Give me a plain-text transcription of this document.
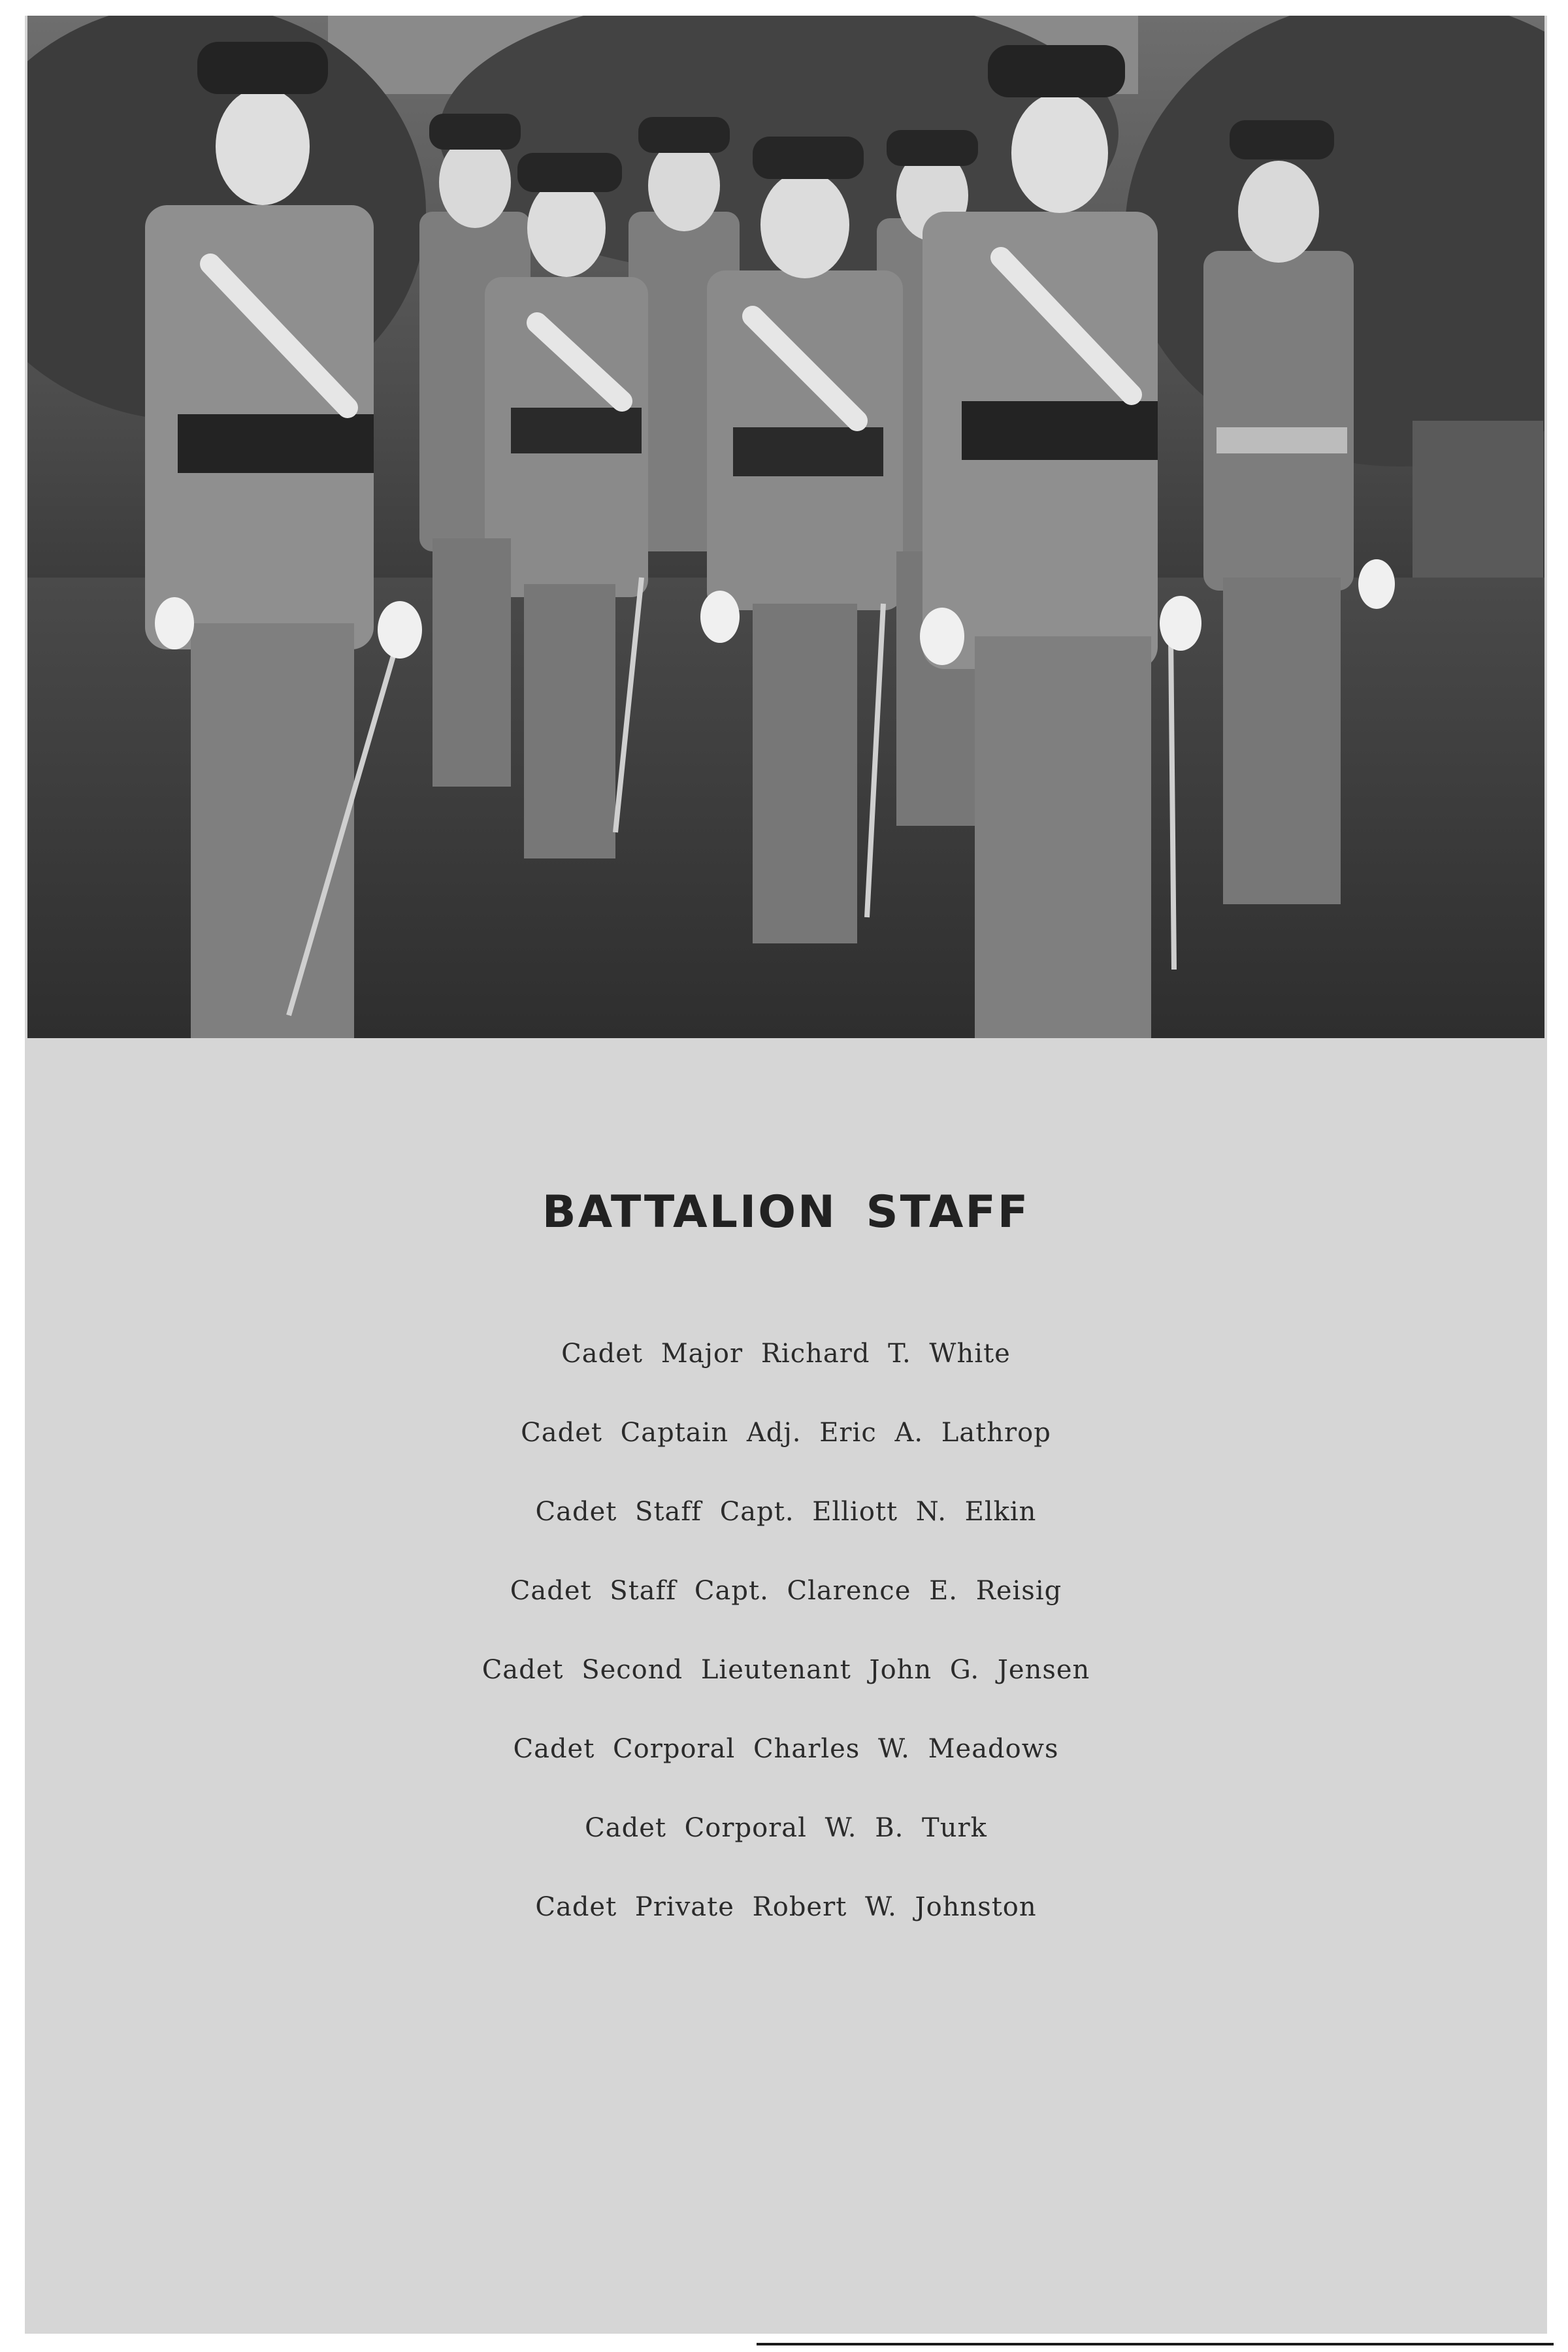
BATTALION STAFF
Cadet Major Richard T. White
Cadet Captain Adj. Eric A. Lathrop
Cadet Staff Capt. Elliott N. Elkin
Cadet Staff Capt. Clarence E. Reisig
Cadet Second Lieutenant John G. Jensen
Cadet Corporal Charles W. Meadows
Cadet Corporal W. B. Turk
Cadet Private Robert W. Johnston
